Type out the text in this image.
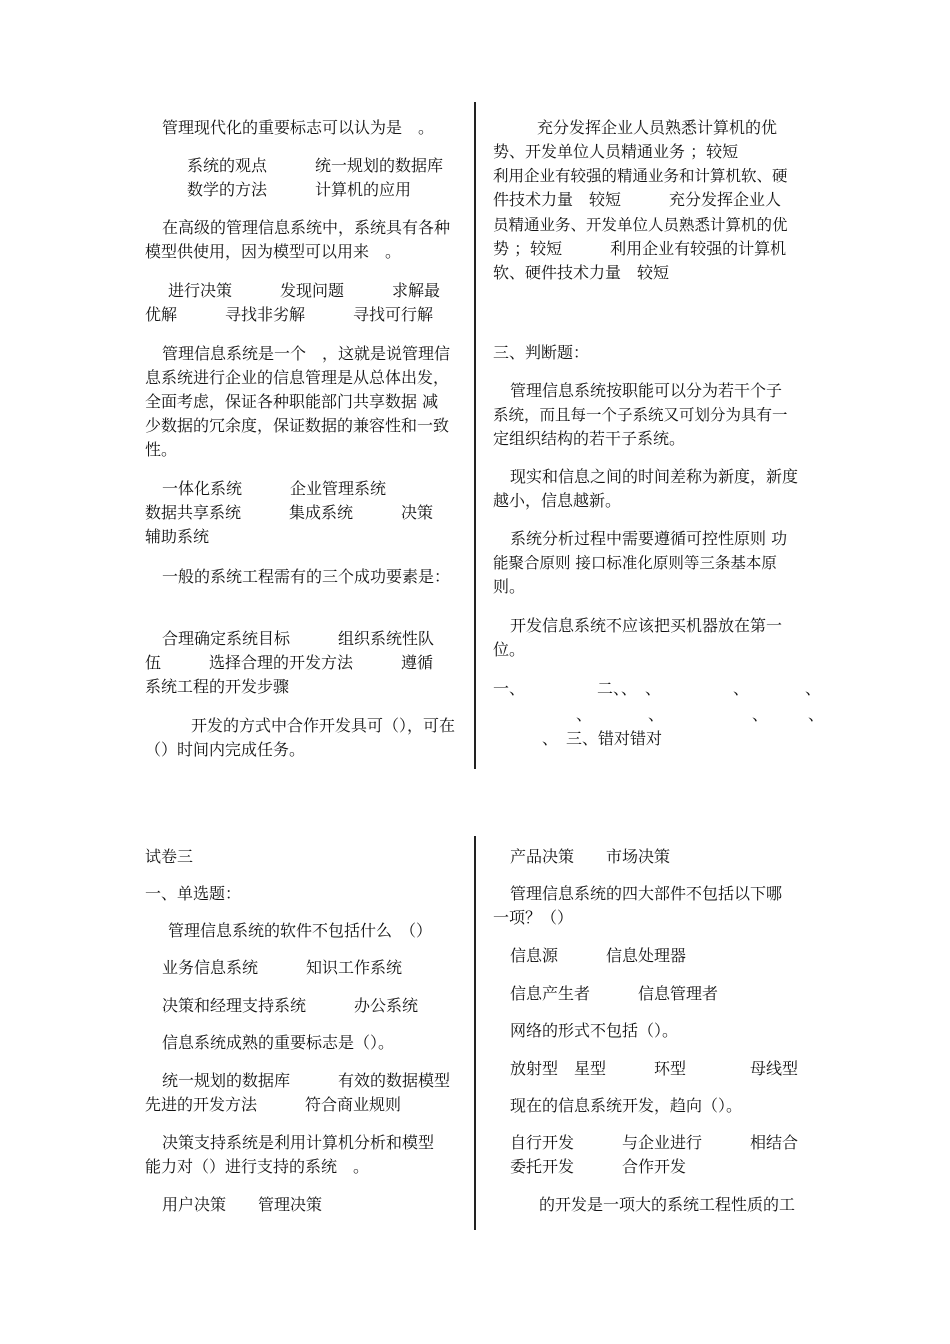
管理现代化的重要标志可以认为是　。
系统的观点　　　统一规划的数据库
数学的方法　　　计算机的应用
在高级的管理信息系统中，系统具有各种
模型供使用，因为模型可以用来　。
进行决策　　　发现问题　　　求解最
优解　　　寻找非劣解　　　寻找可行解
管理信息系统是一个　，这就是说管理信
息系统进行企业的信息管理是从总体出发，
全面考虑，保证各种职能部门共享数据 减
少数据的冗余度，保证数据的兼容性和一致
性。
一体化系统　　　企业管理系统
数据共享系统　　　集成系统　　　决策
辅助系统
一般的系统工程需有的三个成功要素是：
合理确定系统目标　　　组织系统性队
伍　　　选择合理的开发方法　　　遵循
系统工程的开发步骤
开发的方式中合作开发具可（），可在
（）时间内完成任务。
充分发挥企业人员熟悉计算机的优
势、开发单位人员精通业务 ；较短
利用企业有较强的精通业务和计算机软、硬
件技术力量　较短　　　充分发挥企业人
员精通业务、开发单位人员熟悉计算机的优
势 ；较短　　　利用企业有较强的计算机
软、硬件技术力量　较短
三、判断题：
管理信息系统按职能可以分为若干个子
系统，而且每一个子系统又可划分为具有一
定组织结构的若干子系统。
现实和信息之间的时间差称为新度，新度
越小，信息越新。
系统分析过程中需要遵循可控性原则 功
能聚合原则 接口标准化原则等三条基本原
则。
开发信息系统不应该把买机器放在第一
位。
一、　　　　　二、、　、　　　　　、　　　　、
、　　　　、　　　　　　、　　　、
、　三、错对错对
试卷三
一、单选题：
管理信息系统的软件不包括什么　（）
业务信息系统　　　知识工作系统
决策和经理支持系统　　　办公系统
信息系统成熟的重要标志是（）。
统一规划的数据库　　　有效的数据模型
先进的开发方法　　　符合商业规则
决策支持系统是利用计算机分析和模型
能力对（）进行支持的系统　。
用户决策　　管理决策
产品决策　　市场决策
管理信息系统的四大部件不包括以下哪
一项？（）
信息源　　　信息处理器
信息产生者　　　信息管理者
网络的形式不包括（）。
放射型　星型　　　环型　　　　母线型
现在的信息系统开发，趋向（）。
自行开发　　　与企业进行　　　相结合
委托开发　　　合作开发
的开发是一项大的系统工程性质的工
